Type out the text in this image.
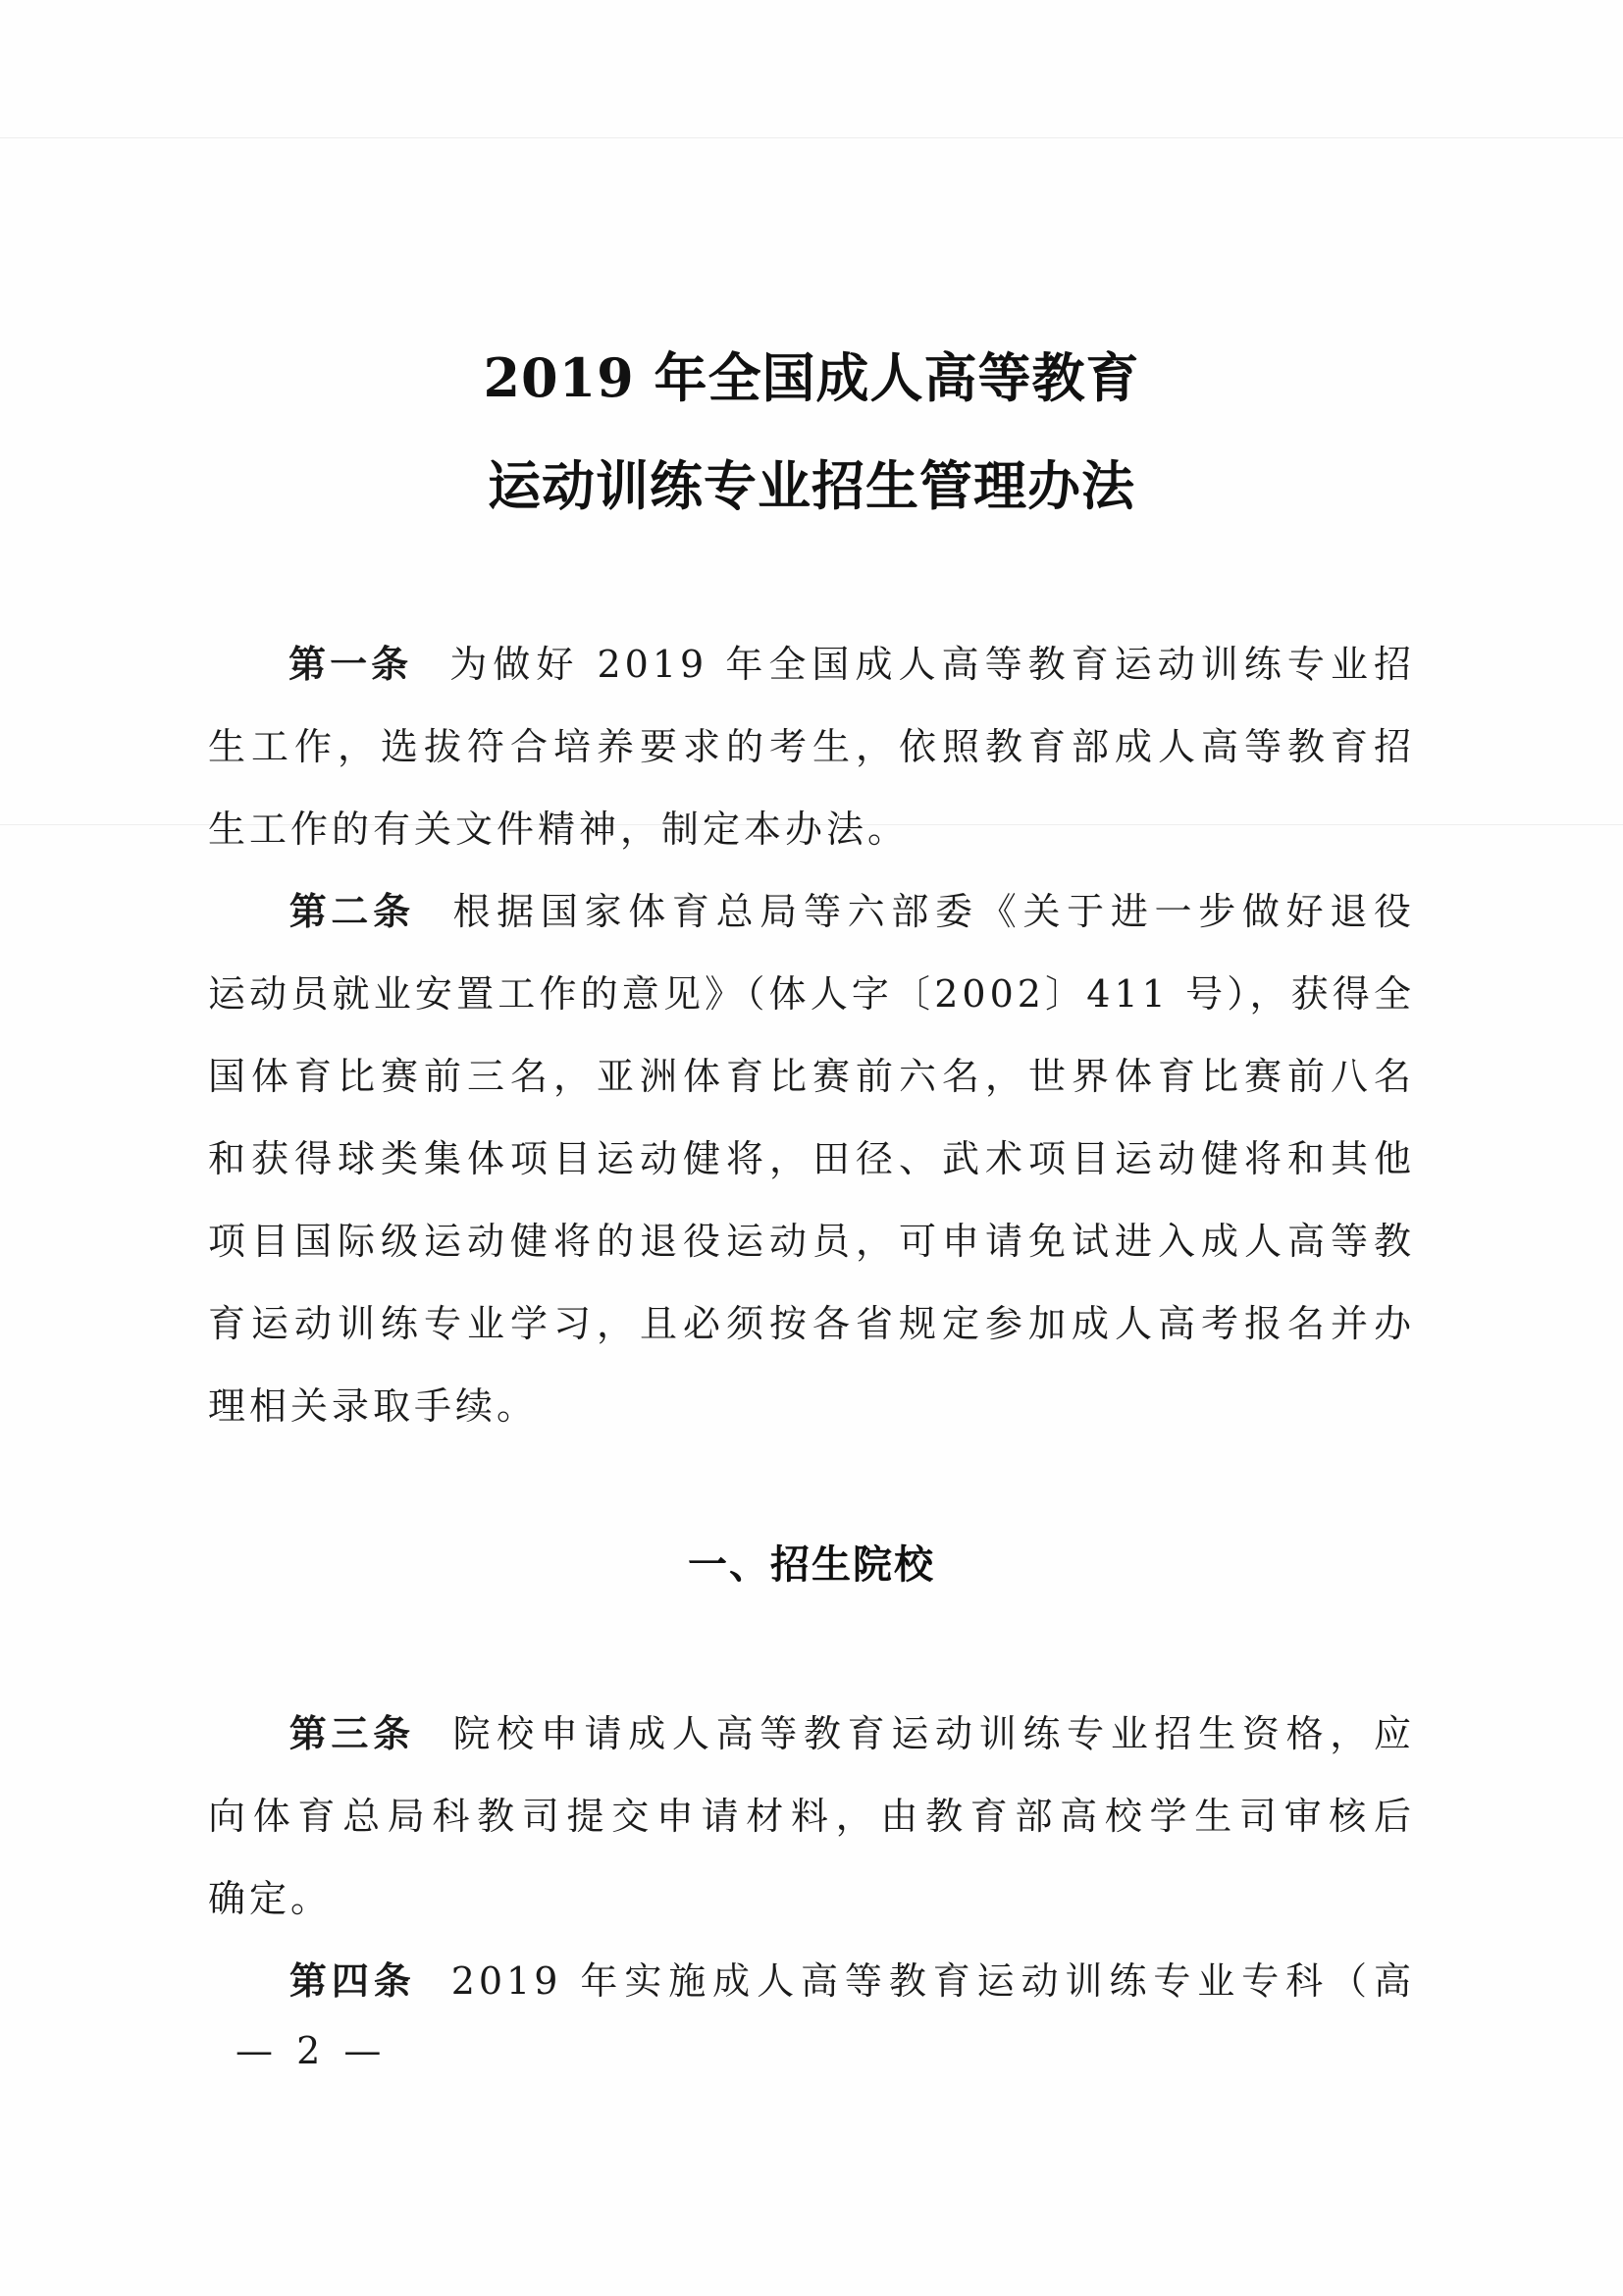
2019 年全国成人高等教育
运动训练专业招生管理办法
第一条 为做好 2019 年全国成人高等教育运动训练专业招
生工作，选拔符合培养要求的考生，依照教育部成人高等教育招
生工作的有关文件精神，制定本办法。
第二条 根据国家体育总局等六部委《关于进一步做好退役
运动员就业安置工作的意见》（体人字〔2002〕411 号），获得全
国体育比赛前三名，亚洲体育比赛前六名，世界体育比赛前八名
和获得球类集体项目运动健将，田径、武术项目运动健将和其他
项目国际级运动健将的退役运动员，可申请免试进入成人高等教
育运动训练专业学习，且必须按各省规定参加成人高考报名并办
理相关录取手续。
一、招生院校
第三条 院校申请成人高等教育运动训练专业招生资格，应
向体育总局科教司提交申请材料，由教育部高校学生司审核后
确定。
第四条 2019 年实施成人高等教育运动训练专业专科（高
— 2 —
